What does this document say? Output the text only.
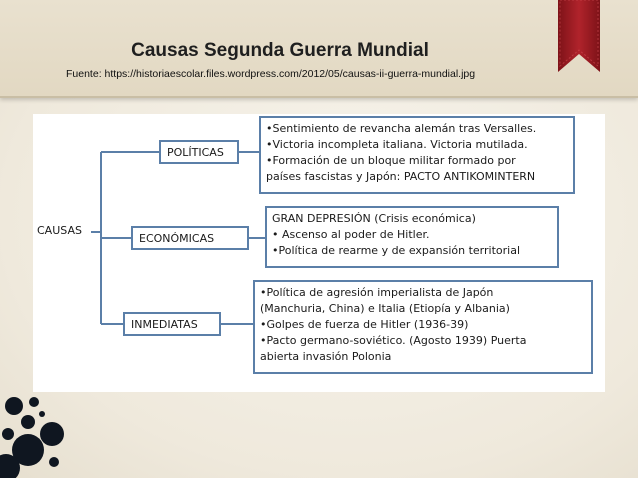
Causas Segunda Guerra Mundial
Fuente: https://historiaescolar.files.wordpress.com/2012/05/causas-ii-guerra-mundial.jpg
CAUSAS
POLÍTICAS
ECONÓMICAS
INMEDIATAS
•Sentimiento de revancha alemán tras Versalles.
•Victoria incompleta italiana. Victoria mutilada.
•Formación de un bloque militar formado por
países fascistas y Japón: PACTO ANTIKOMINTERN
GRAN DEPRESIÓN (Crisis económica)
• Ascenso al poder de Hitler.
•Política de rearme y de expansión territorial
•Política de agresión imperialista de Japón
(Manchuria, China) e Italia (Etiopía y Albania)
•Golpes de fuerza de Hitler (1936-39)
•Pacto germano-soviético. (Agosto 1939) Puerta
abierta invasión Polonia
